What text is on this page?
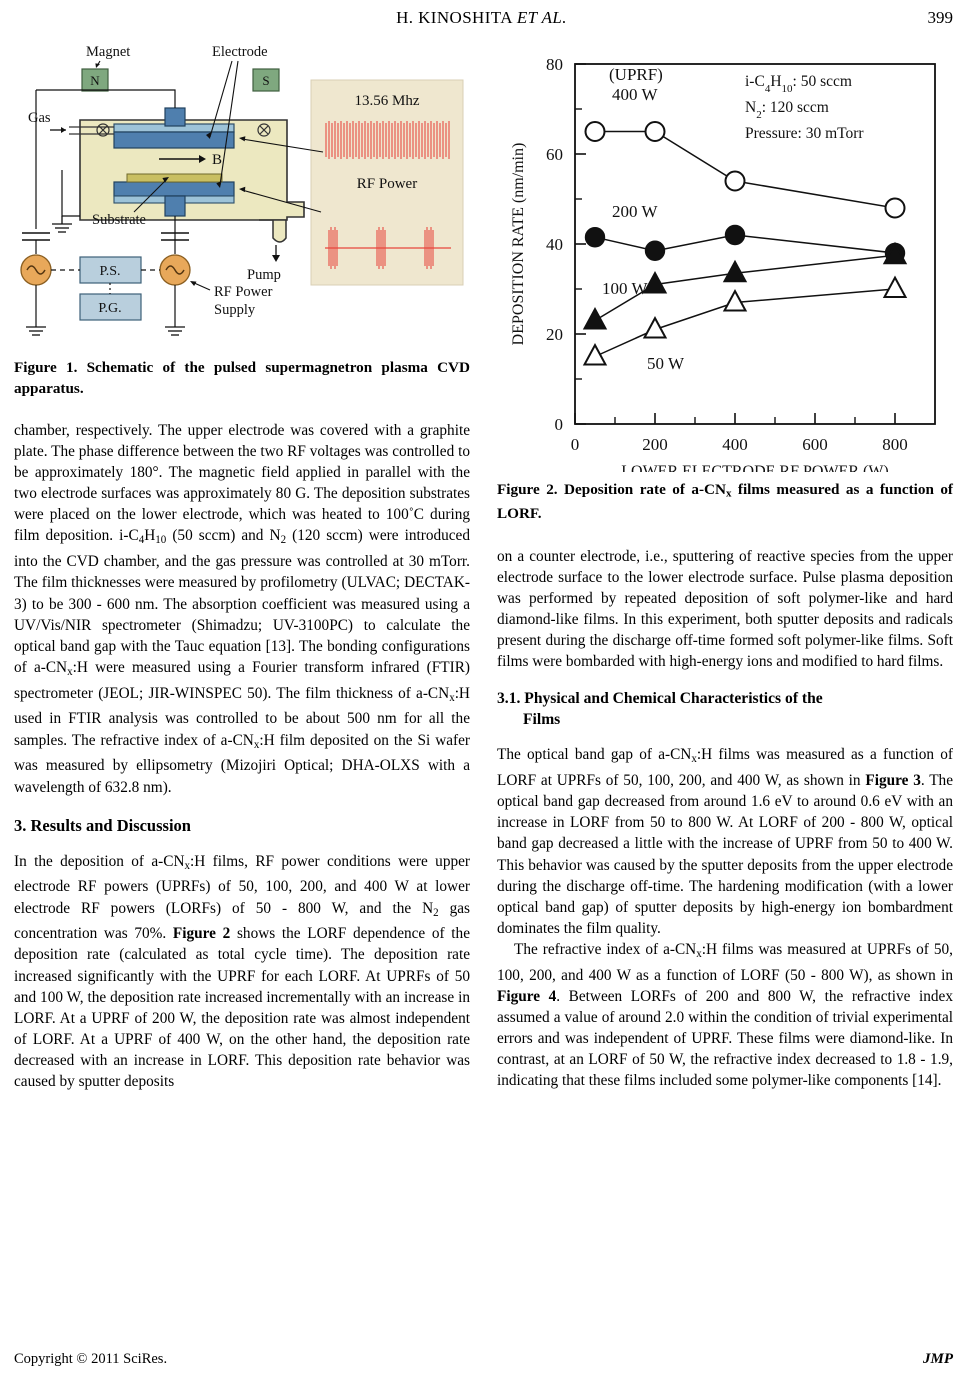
H. KINOSHITA ET AL.	399
N	S
Gas
B
Magnet	Electrode
Substrate
Pump
P.S.
P.G.
RF Power
Supply
13.56 Mhz
RF Power
Figure 1. Schematic of the pulsed supermagnetron plasma CVD apparatus.

chamber, respectively. The upper electrode was covered with a graphite plate. The phase difference between the two RF voltages was controlled to be approximately 180°. The magnetic field applied in parallel with the two electrode surfaces was approximately 80 G. The deposition substrates were placed on the lower electrode, which was heated to 100˚C during film deposition. $i-C_4H_{10}$ (50 sccm) and $N_2$ (120 sccm) were introduced into the CVD chamber, and the gas pressure was controlled at 30 mTorr. The film thicknesses were measured by profilometry (ULVAC; DECTAK-3) to be 300 - 600 nm. The absorption coefficient was measured using a UV/Vis/NIR spectrometer (Shimadzu; UV-3100PC) to calculate the optical band gap with the Tauc equation [13]. The bonding configurations of $a-CN_x:H$ were measured using a Fourier transform infrared (FTIR) spectrometer (JEOL; JIR-WINSPEC 50). The film thickness of $a-CN_x:H$ used in FTIR analysis was controlled to be about 500 nm for all the samples. The refractive index of $a-CN_x:H$ film deposited on the Si wafer was measured by ellipsometry (Mizojiri Optical; DHA-OLXS with a wavelength of 632.8 nm).

3. Results and Discussion

In the deposition of $a-CN_x:H$ films, RF power conditions were upper electrode RF powers (UPRFs) of 50, 100, 200, and 400 W at lower electrode RF powers (LORFs) of 50 - 800 W, and the $N_2$ gas concentration was 70%. Figure 2 shows the LORF dependence of the deposition rate (calculated as total cycle time). The deposition rate increased significantly with the UPRF for each LORF. At UPRFs of 50 and 100 W, the deposition rate increased incrementally with an increase in LORF. At a UPRF of 200 W, the deposition rate was almost independent of LORF. At a UPRF of 400 W, on the other hand, the deposition rate decreased with an increase in LORF. This deposition rate behavior was caused by sputter deposits

0
20
40
60
80
0	200	400	600	800
LOWER ELECTRODE RF POWER (W)
DEPOSITION RATE (nm/min)
400 W
200 W
100 W
50 W
(UPRF)	$i-C_4H_{10}$: 50 sccm
$N_2$: 120 sccm
Pressure: 30 mTorr
Figure 2. Deposition rate of $a-CN_x$ films measured as a function of LORF.

on a counter electrode, i.e., sputtering of reactive species from the upper electrode surface to the lower electrode surface. Pulse plasma deposition was performed by repeated deposition of soft polymer-like and hard diamond-like films. In this experiment, both sputter deposits and radicals present during the discharge off-time formed soft polymer-like films. Soft films were bombarded with high-energy ions and modified to hard films.

3.1. Physical and Chemical Characteristics of the
Films

The optical band gap of $a-CN_x:H$ films was measured as a function of LORF at UPRFs of 50, 100, 200, and 400 W, as shown in Figure 3. The optical band gap decreased from around 1.6 eV to around 0.6 eV with an increase in LORF from 50 to 800 W. At LORF of 200 - 800 W, optical band gap decreased a little with the increase of UPRF from 50 to 400 W. This behavior was caused by the sputter deposits from the upper electrode during the discharge off-time. The hardening modification (with a lower optical band gap) of sputter deposits by high-energy ion bombardment dominates the film quality.

The refractive index of $a-CN_x:H$ films was measured at UPRFs of 50, 100, 200, and 400 W as a function of LORF (50 - 800 W), as shown in Figure 4. Between LORFs of 200 and 800 W, the refractive index assumed a value of around 2.0 within the condition of trivial experimental errors and was independent of UPRF. These films were diamond-like. In contrast, at an LORF of 50 W, the refractive index decreased to 1.8 - 1.9, indicating that these films included some polymer-like components [14].

Copyright © 2011 SciRes.	JMP
